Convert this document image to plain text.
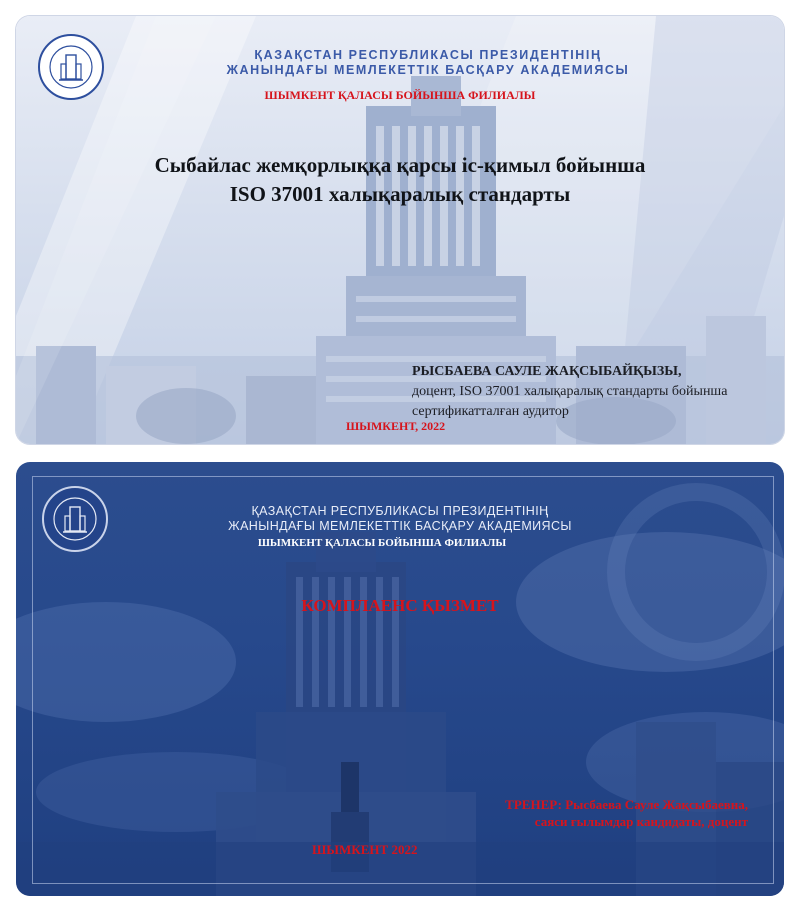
ҚАЗАҚСТАН РЕСПУБЛИКАСЫ ПРЕЗИДЕНТІНІҢ
ЖАНЫНДАҒЫ МЕМЛЕКЕТТІК БАСҚАРУ АКАДЕМИЯСЫ
ШЫМКЕНТ ҚАЛАСЫ БОЙЫНША ФИЛИАЛЫ
Сыбайлас жемқорлыққа қарсы іс-қимыл бойынша
ISO 37001 халықаралық стандарты
РЫСБАЕВА САУЛЕ ЖАҚСЫБАЙҚЫЗЫ,
доцент, ISO 37001 халықаралық стандарты бойынша
сертификатталған аудитор
ШЫМКЕНТ, 2022
ҚАЗАҚСТАН РЕСПУБЛИКАСЫ ПРЕЗИДЕНТІНІҢ
ЖАНЫНДАҒЫ МЕМЛЕКЕТТІК БАСҚАРУ АКАДЕМИЯСЫ
ШЫМКЕНТ ҚАЛАСЫ БОЙЫНША ФИЛИАЛЫ
КОМПЛАЕНС ҚЫЗМЕТ
ТРЕНЕР: Рысбаева Сауле Жақсыбаевна,
саяси ғылымдар кандидаты, доцент
ШЫМКЕНТ 2022
